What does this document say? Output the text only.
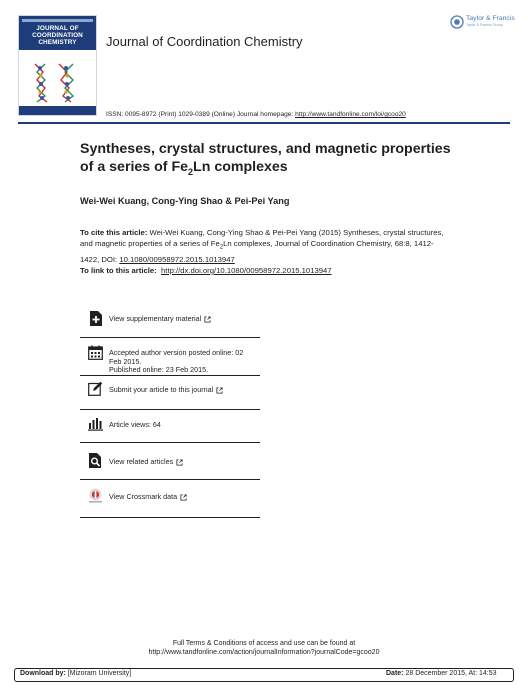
JOURNAL OF COORDINATION CHEMISTRY	Journal of Coordination Chemistry
Taylor & Francis
Taylor & Francis Group
ISSN: 0095-8972 (Print) 1029-0389 (Online) Journal homepage: http://www.tandfonline.com/loi/gcoo20
Syntheses, crystal structures, and magnetic properties of a series of $Fe_2Ln$ complexes
Wei-Wei Kuang, Cong-Ying Shao & Pei-Pei Yang
To cite this article: Wei-Wei Kuang, Cong-Ying Shao & Pei-Pei Yang (2015) Syntheses, crystal structures, and magnetic properties of a series of $Fe_2Ln$ complexes, Journal of Coordination Chemistry, 68:8, 1412-1422, DOI: 10.1080/00958972.2015.1013947
To link to this article: http://dx.doi.org/10.1080/00958972.2015.1013947
View supplementary material
Accepted author version posted online: 02
Feb 2015.
Published online: 23 Feb 2015.
Submit your article to this journal
Article views: 64
View related articles
View Crossmark data
Full Terms & Conditions of access and use can be found at
http://www.tandfonline.com/action/journalInformation?journalCode=gcoo20
Download by: [Mizoram University]	Date: 28 December 2015, At: 14:53
